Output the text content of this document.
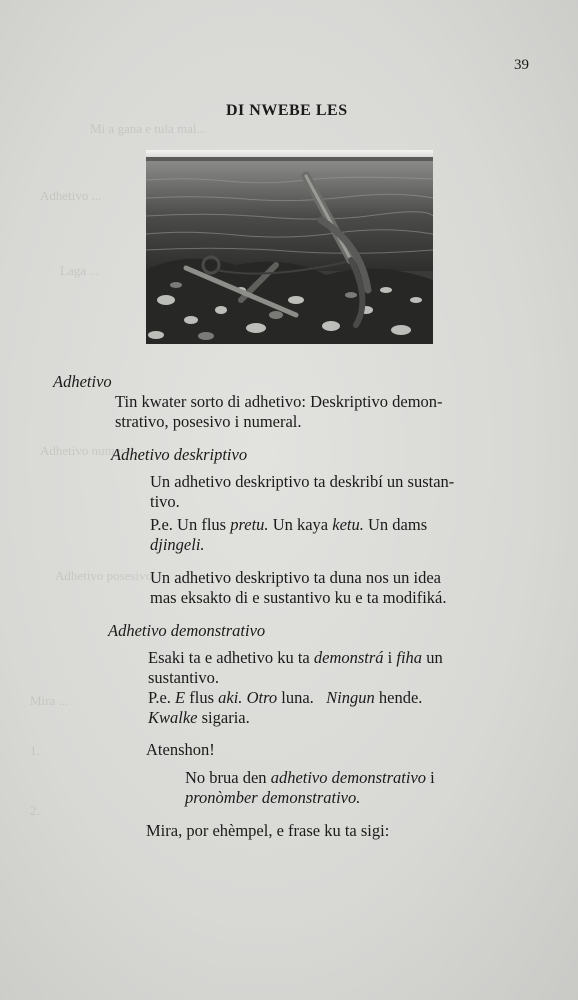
Mi a gana e tula mal...
Adhetivo ...
Laga ...
Adhetivo numeral
Adhetivo posesivo
Mira ...
1.
2.
39
DI NWEBE LES
Adhetivo
Tin kwater sorto di adhetivo: Deskriptivo demon-
strativo, posesivo i numeral.
Adhetivo deskriptivo
Un adhetivo deskriptivo ta deskribí un sustan-
tivo.
P.e. Un flus pretu. Un kaya ketu. Un dams
djingeli.
Un adhetivo deskriptivo ta duna nos un idea
mas eksakto di e sustantivo ku e ta modifiká.
Adhetivo demonstrativo
Esaki ta e adhetivo ku ta demonstrá i fiha un
sustantivo.
P.e. E flus aki. Otro luna.   Ningun hende.
Kwalke sigaria.
Atenshon!
No brua den adhetivo demonstrativo i
pronòmber demonstrativo.
Mira, por ehèmpel, e frase ku ta sigi:
